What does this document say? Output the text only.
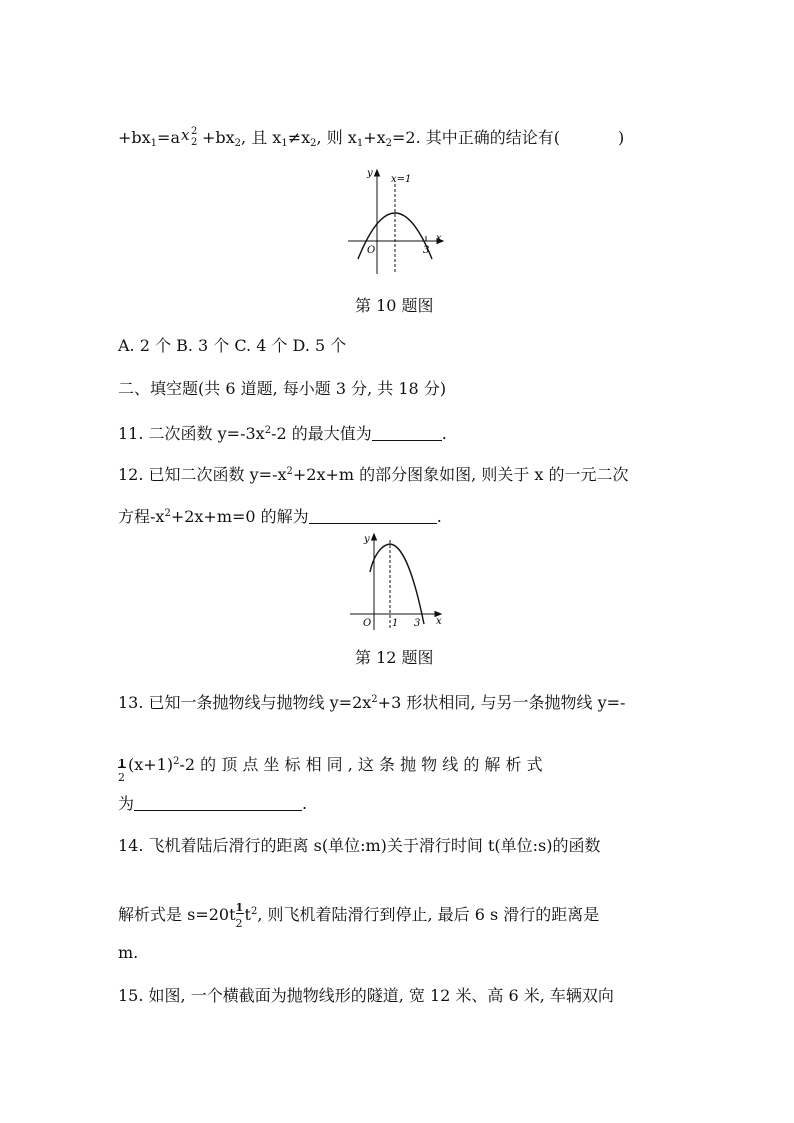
$+bx_1=a$ x 2
$2 +bx_2$, 且 $x_1\ne x_2$, 则 $x_1+x_2=2$. 其中正确的结论有(	)
y
x
x=1
O	3
第 10 题图
A. 2 个 B. 3 个 C. 4 个 D. 5 个
二、填空题(共 6 道题, 每小题 3 分, 共 18 分)
11. 二次函数 $y=-3x^2-2$ 的最大值为	.
12. 已知二次函数 $y=-x^2+2x+m$ 的部分图象如图, 则关于 x 的一元二次
方程$-x^2+2x+m=0$ 的解为	.
y
x
O 1 3
第 12 题图
13. 已知一条抛物线与抛物线 $y=2x^2+3$ 形状相同, 与另一条抛物线 y=-
1
2
$(x+1)^2-2$ 的 顶 点 坐 标 相 同 , 这 条 抛 物 线 的 解 析 式
为	.
14. 飞机着陆后滑行的距离 s(单位:m)关于滑行时间 t(单位:s)的函数
解析式是 s=20t
$\frac{1}{2}$
$t^2$, 则飞机着陆滑行到停止, 最后 6 s 滑行的距离是
m.
15. 如图, 一个横截面为抛物线形的隧道, 宽 12 米、高 6 米, 车辆双向
